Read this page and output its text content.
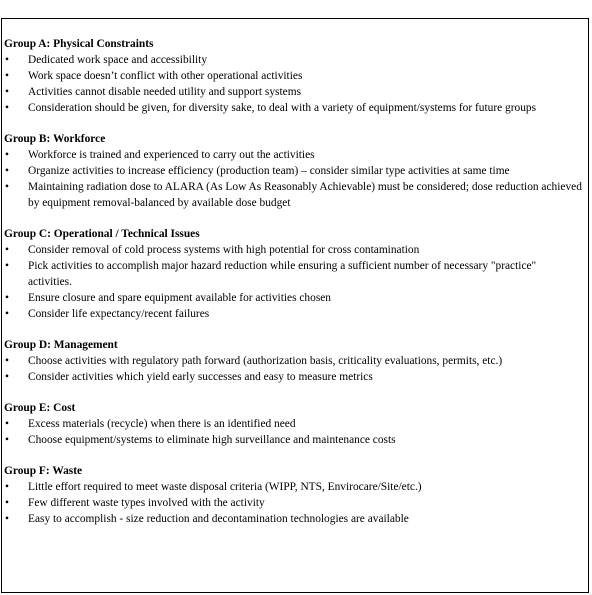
Group A: Physical Constraints
•	Dedicated work space and accessibility
•	Work space doesn’t conflict with other operational activities
•	Activities cannot disable needed utility and support systems
•	Consideration should be given, for diversity sake, to deal with a variety of equipment/systems for future groups
Group B: Workforce
•	Workforce is trained and experienced to carry out the activities
•	Organize activities to increase efficiency (production team) – consider similar type activities at same time
•	Maintaining radiation dose to ALARA (As Low As Reasonably Achievable) must be considered; dose reduction achieved by equipment removal-balanced by available dose budget
Group C: Operational / Technical Issues
•	Consider removal of cold process systems with high potential for cross contamination
•	Pick activities to accomplish major hazard reduction while ensuring a sufficient number of necessary "practice" activities.
•	Ensure closure and spare equipment available for activities chosen
•	Consider life expectancy/recent failures
Group D: Management
•	Choose activities with regulatory path forward (authorization basis, criticality evaluations, permits, etc.)
•	Consider activities which yield early successes and easy to measure metrics
Group E: Cost
•	Excess materials (recycle) when there is an identified need
•	Choose equipment/systems to eliminate high surveillance and maintenance costs
Group F: Waste
•	Little effort required to meet waste disposal criteria (WIPP, NTS, Envirocare/Site/etc.)
•	Few different waste types involved with the activity
•	Easy to accomplish - size reduction and decontamination technologies are available
